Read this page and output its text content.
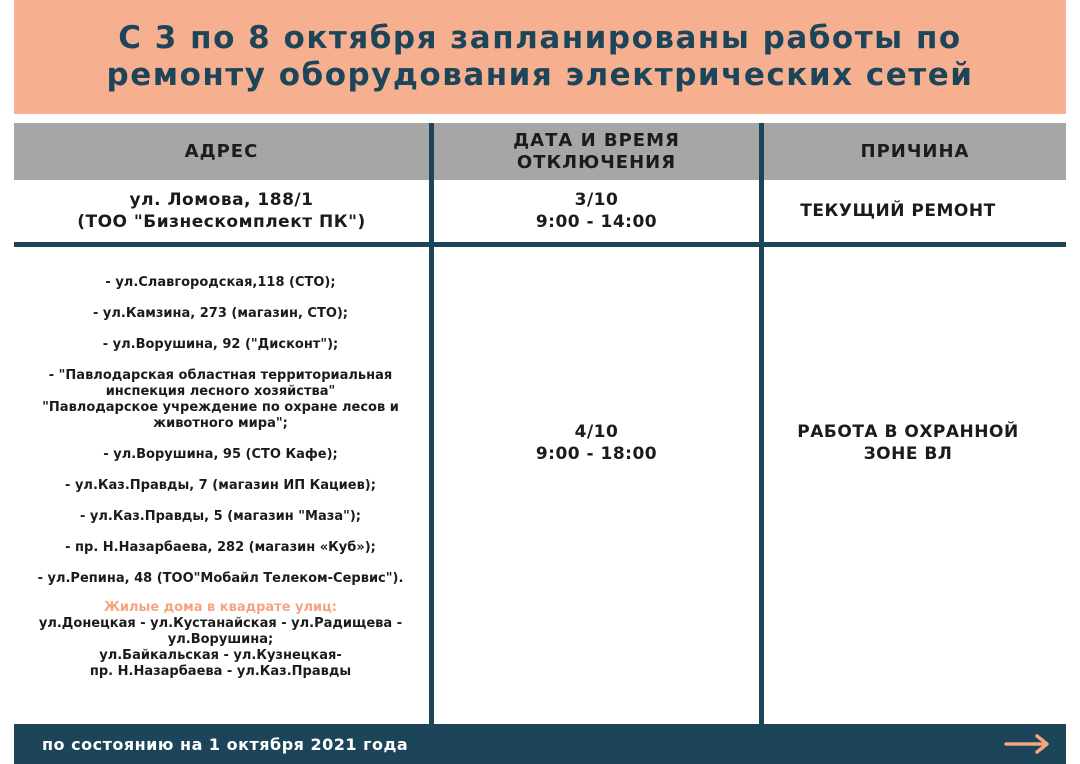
С 3 по 8 октября запланированы работы по
ремонту оборудования электрических сетей
АДРЕС
ДАТА И ВРЕМЯ
ОТКЛЮЧЕНИЯ
ПРИЧИНА
ул. Ломова, 188/1
(ТОО "Бизнескомплект ПК")
3/10
9:00 - 14:00
ТЕКУЩИЙ РЕМОНТ
- ул.Славгородская,118 (СТО);
- ул.Камзина, 273 (магазин, СТО);
- ул.Ворушина, 92 ("Дисконт");
- "Павлодарская областная территориальная
инспекция лесного хозяйства"
"Павлодарское учреждение по охране лесов и
животного мира";
- ул.Ворушина, 95 (СТО Кафе);
- ул.Каз.Правды, 7 (магазин ИП Кациев);
- ул.Каз.Правды, 5 (магазин "Маза");
- пр. Н.Назарбаева, 282 (магазин «Куб»);
- ул.Репина, 48 (ТОО"Мобайл Телеком-Сервис").
Жилые дома в квадрате улиц:
ул.Донецкая - ул.Кустанайская - ул.Радищева -
ул.Ворушина;
ул.Байкальская - ул.Кузнецкая-
пр. Н.Назарбаева - ул.Каз.Правды
4/10
9:00 - 18:00
РАБОТА В ОХРАННОЙ
ЗОНЕ ВЛ
по состоянию на 1 октября 2021 года
